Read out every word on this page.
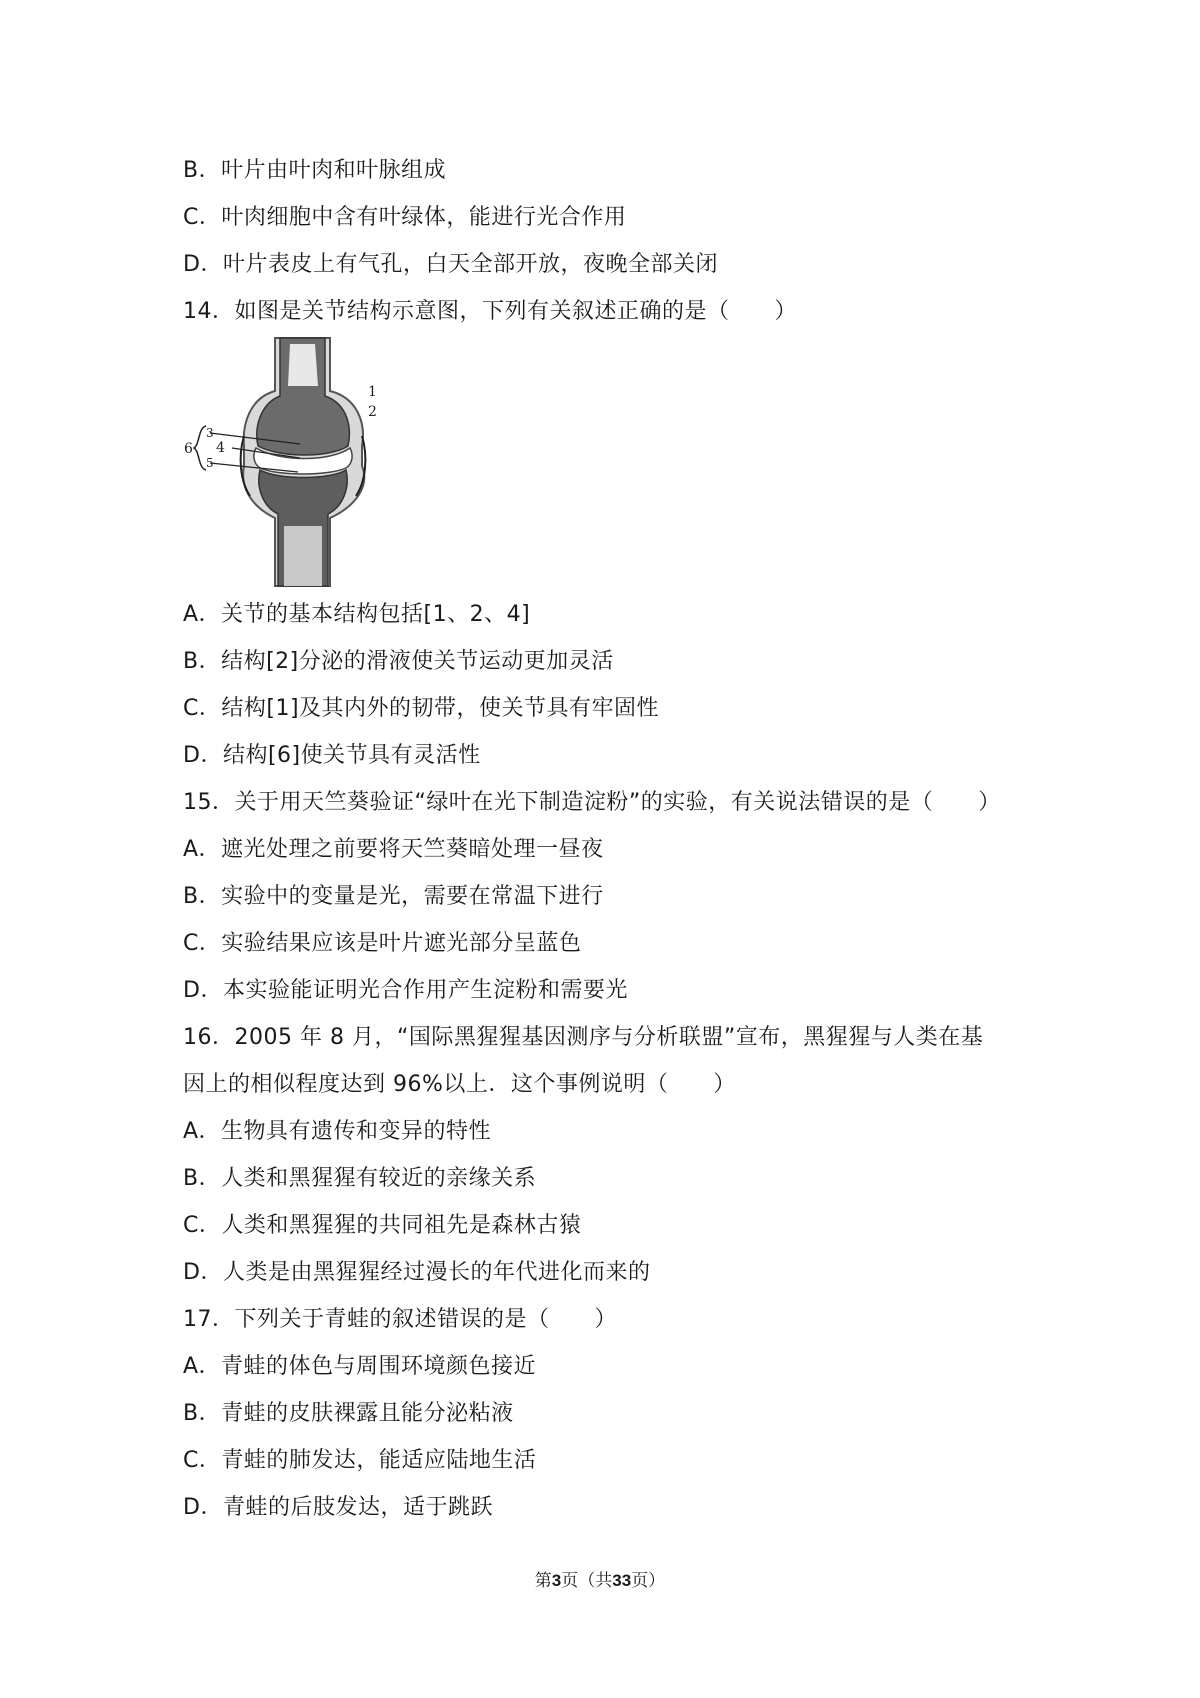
B．叶片由叶肉和叶脉组成
C．叶肉细胞中含有叶绿体，能进行光合作用
D．叶片表皮上有气孔，白天全部开放，夜晚全部关闭
14．如图是关节结构示意图，下列有关叙述正确的是（　　）
1
2
3
4
5
6
A．关节的基本结构包括[1、2、4]
B．结构[2]分泌的滑液使关节运动更加灵活
C．结构[1]及其内外的韧带，使关节具有牢固性
D．结构[6]使关节具有灵活性
15．关于用天竺葵验证“绿叶在光下制造淀粉”的实验，有关说法错误的是（　　）
A．遮光处理之前要将天竺葵暗处理一昼夜
B．实验中的变量是光，需要在常温下进行
C．实验结果应该是叶片遮光部分呈蓝色
D．本实验能证明光合作用产生淀粉和需要光
16．2005 年 8 月，“国际黑猩猩基因测序与分析联盟”宣布，黑猩猩与人类在基
因上的相似程度达到 96%以上．这个事例说明（　　）
A．生物具有遗传和变异的特性
B．人类和黑猩猩有较近的亲缘关系
C．人类和黑猩猩的共同祖先是森林古猿
D．人类是由黑猩猩经过漫长的年代进化而来的
17．下列关于青蛙的叙述错误的是（　　）
A．青蛙的体色与周围环境颜色接近
B．青蛙的皮肤裸露且能分泌粘液
C．青蛙的肺发达，能适应陆地生活
D．青蛙的后肢发达，适于跳跃
第3页（共33页）
